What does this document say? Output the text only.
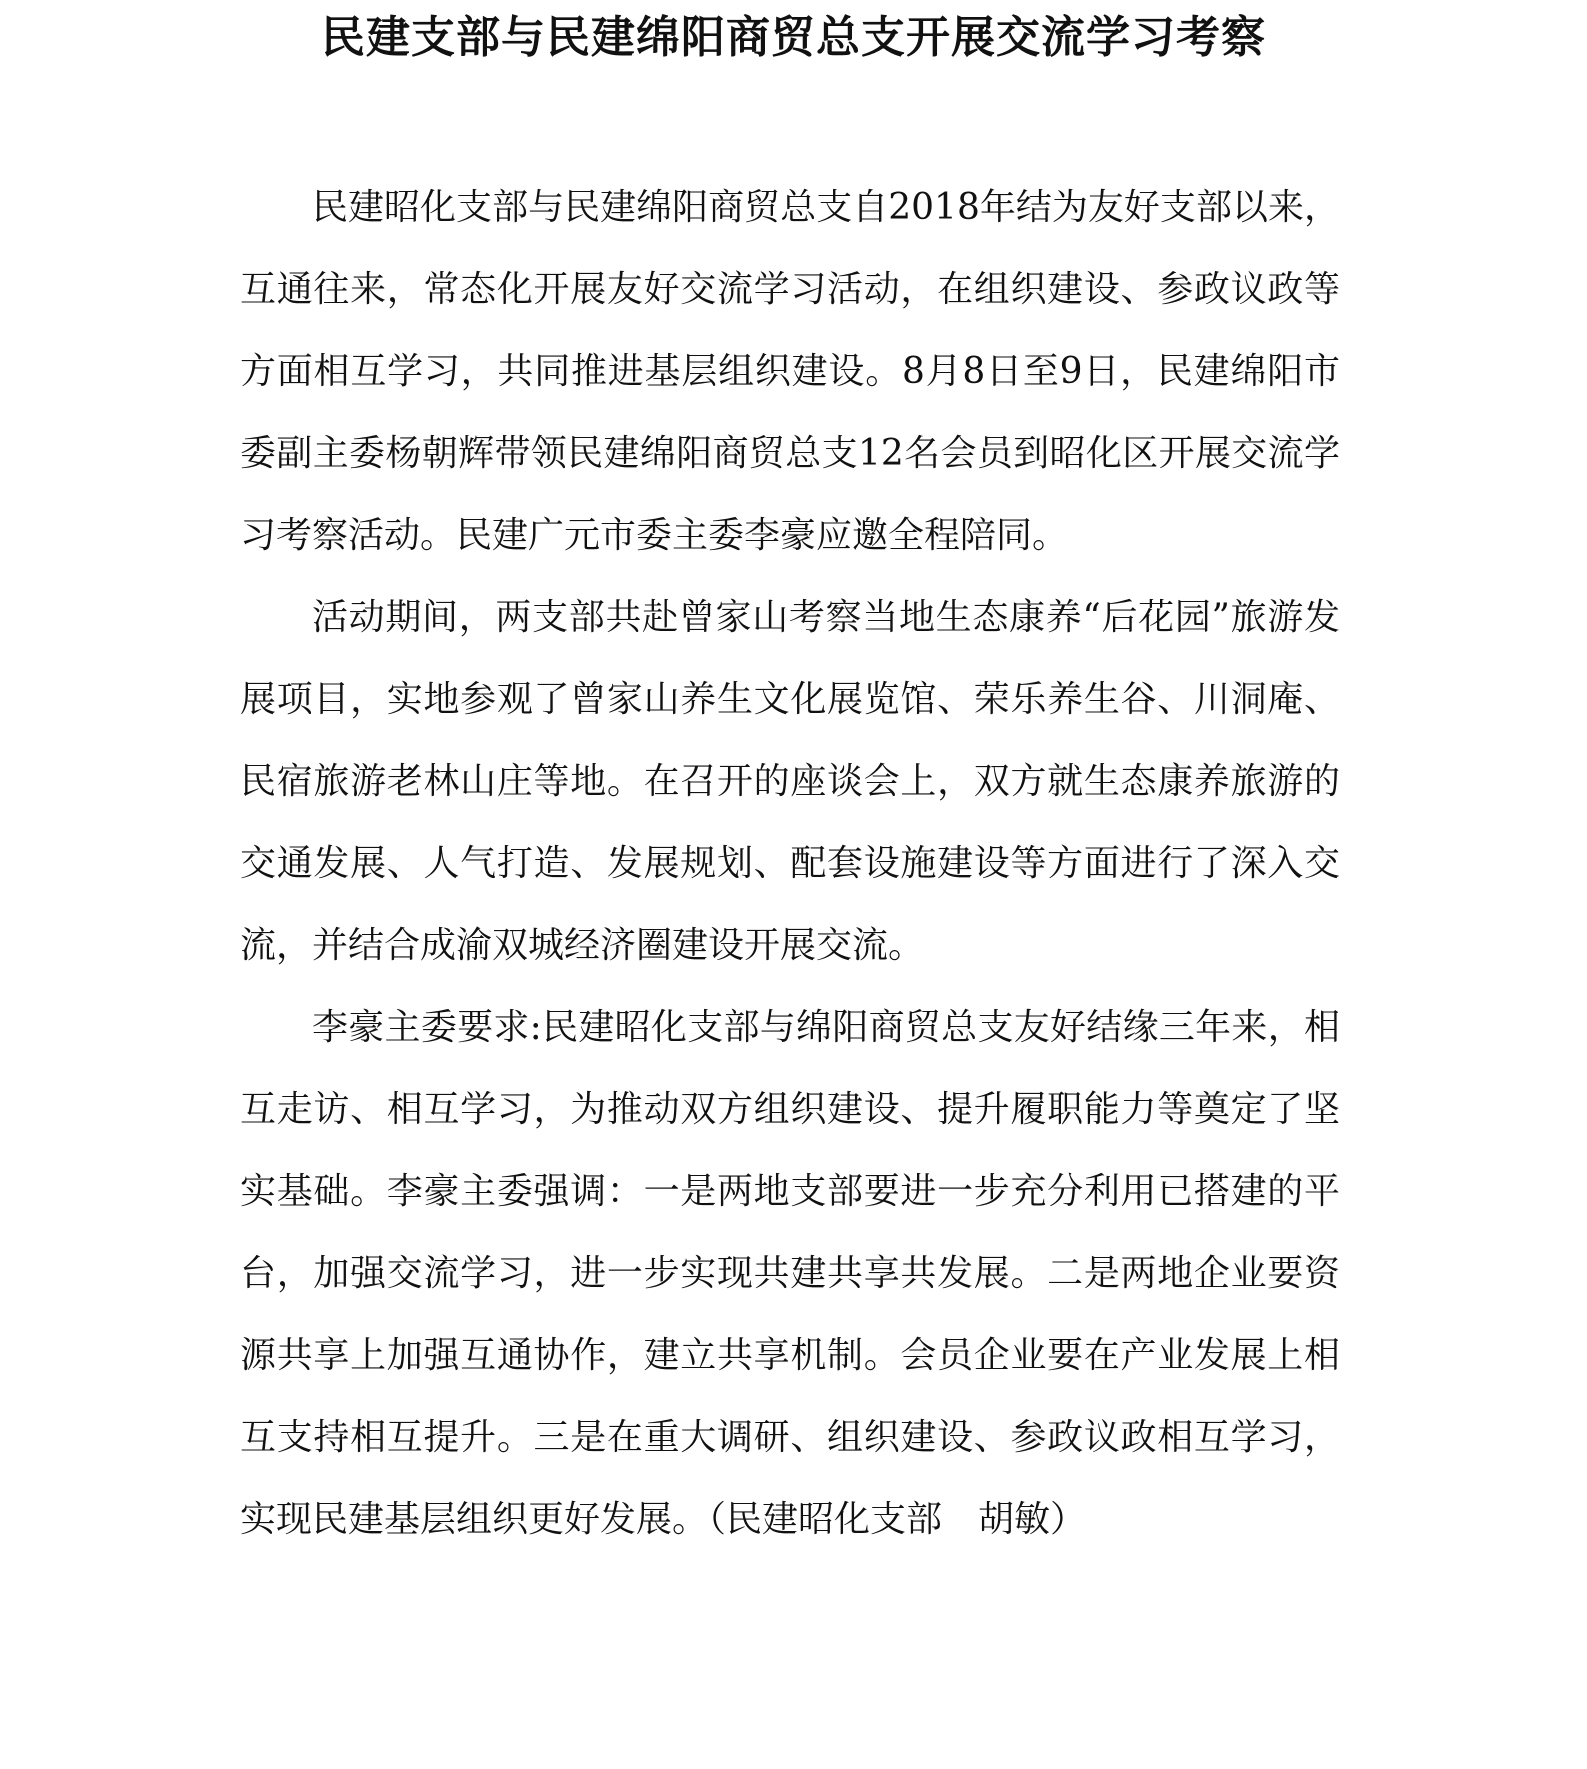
民建支部与民建绵阳商贸总支开展交流学习考察

民建昭化支部与民建绵阳商贸总支自2018年结为友好支部以来，互通往来，常态化开展友好交流学习活动，在组织建设、参政议政等方面相互学习，共同推进基层组织建设。8月8日至9日，民建绵阳市委副主委杨朝辉带领民建绵阳商贸总支12名会员到昭化区开展交流学习考察活动。民建广元市委主委李豪应邀全程陪同。

活动期间，两支部共赴曾家山考察当地生态康养“后花园”旅游发展项目，实地参观了曾家山养生文化展览馆、荣乐养生谷、川洞庵、民宿旅游老林山庄等地。在召开的座谈会上，双方就生态康养旅游的交通发展、人气打造、发展规划、配套设施建设等方面进行了深入交流，并结合成渝双城经济圈建设开展交流。

李豪主委要求:民建昭化支部与绵阳商贸总支友好结缘三年来，相互走访、相互学习，为推动双方组织建设、提升履职能力等奠定了坚实基础。李豪主委强调：一是两地支部要进一步充分利用已搭建的平台，加强交流学习，进一步实现共建共享共发展。二是两地企业要资源共享上加强互通协作，建立共享机制。会员企业要在产业发展上相互支持相互提升。三是在重大调研、组织建设、参政议政相互学习，实现民建基层组织更好发展。（民建昭化支部　胡敏）
